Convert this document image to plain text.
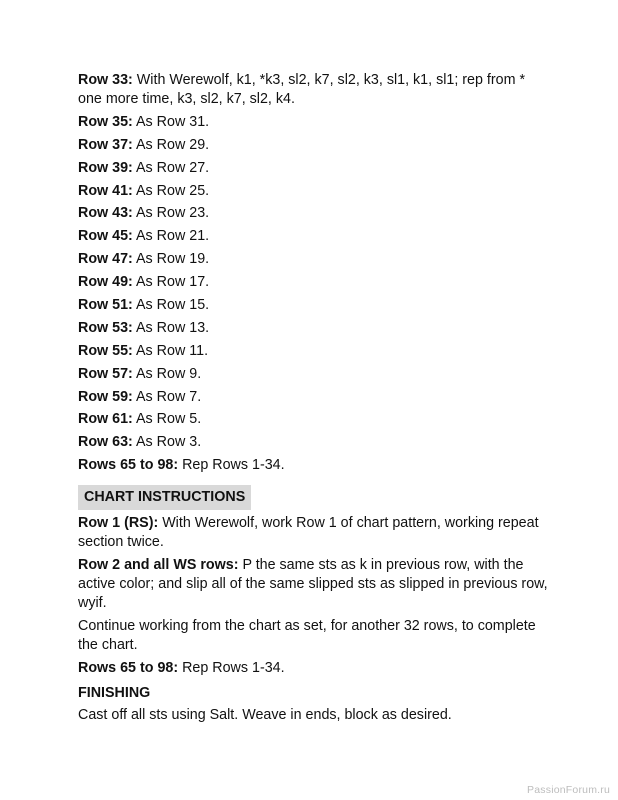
Row 33: With Werewolf, k1, *k3, sl2, k7, sl2, k3, sl1, k1, sl1; rep from * one more time, k3, sl2, k7, sl2, k4.
Row 35: As Row 31.
Row 37: As Row 29.
Row 39: As Row 27.
Row 41: As Row 25.
Row 43: As Row 23.
Row 45: As Row 21.
Row 47: As Row 19.
Row 49: As Row 17.
Row 51: As Row 15.
Row 53: As Row 13.
Row 55: As Row 11.
Row 57: As Row 9.
Row 59: As Row 7.
Row 61: As Row 5.
Row 63: As Row 3.
Rows 65 to 98: Rep Rows 1-34.
CHART INSTRUCTIONS
Row 1 (RS): With Werewolf, work Row 1 of chart pattern, working repeat section twice.
Row 2 and all WS rows: P the same sts as k in previous row, with the active color; and slip all of the same slipped sts as slipped in previous row, wyif.
Continue working from the chart as set, for another 32 rows, to complete the chart.
Rows 65 to 98: Rep Rows 1-34.
FINISHING
Cast off all sts using Salt. Weave in ends, block as desired.
PassionForum.ru
